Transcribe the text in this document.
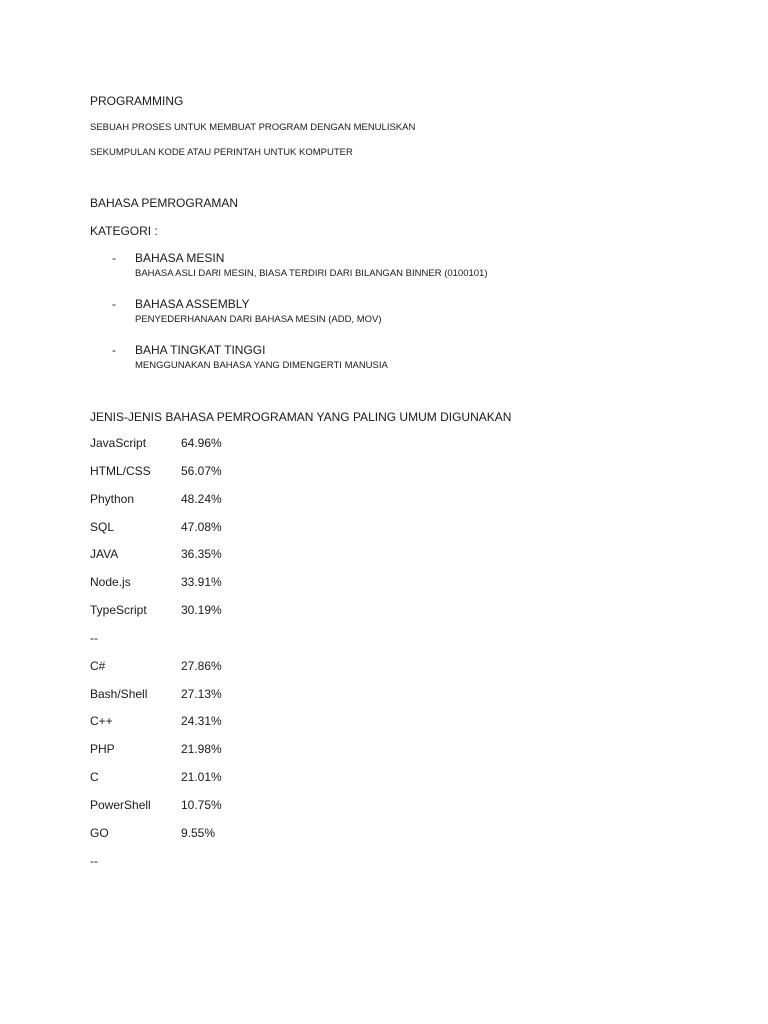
PROGRAMMING
SEBUAH PROSES UNTUK MEMBUAT PROGRAM DENGAN MENULISKAN
SEKUMPULAN KODE ATAU PERINTAH UNTUK KOMPUTER
BAHASA PEMROGRAMAN
KATEGORI :
- BAHASA MESIN
BAHASA ASLI DARI MESIN, BIASA TERDIRI DARI BILANGAN BINNER (0100101)
- BAHASA ASSEMBLY
PENYEDERHANAAN DARI BAHASA MESIN (ADD, MOV)
- BAHA TINGKAT TINGGI
MENGGUNAKAN BAHASA YANG DIMENGERTI MANUSIA
JENIS-JENIS BAHASA PEMROGRAMAN YANG PALING UMUM DIGUNAKAN
JavaScript	64.96%
HTML/CSS	56.07%
Phython	48.24%
SQL	47.08%
JAVA	36.35%
Node.js	33.91%
TypeScript	30.19%
--
C#	27.86%
Bash/Shell	27.13%
C++	24.31%
PHP	21.98%
C	21.01%
PowerShell	10.75%
GO	9.55%
--
